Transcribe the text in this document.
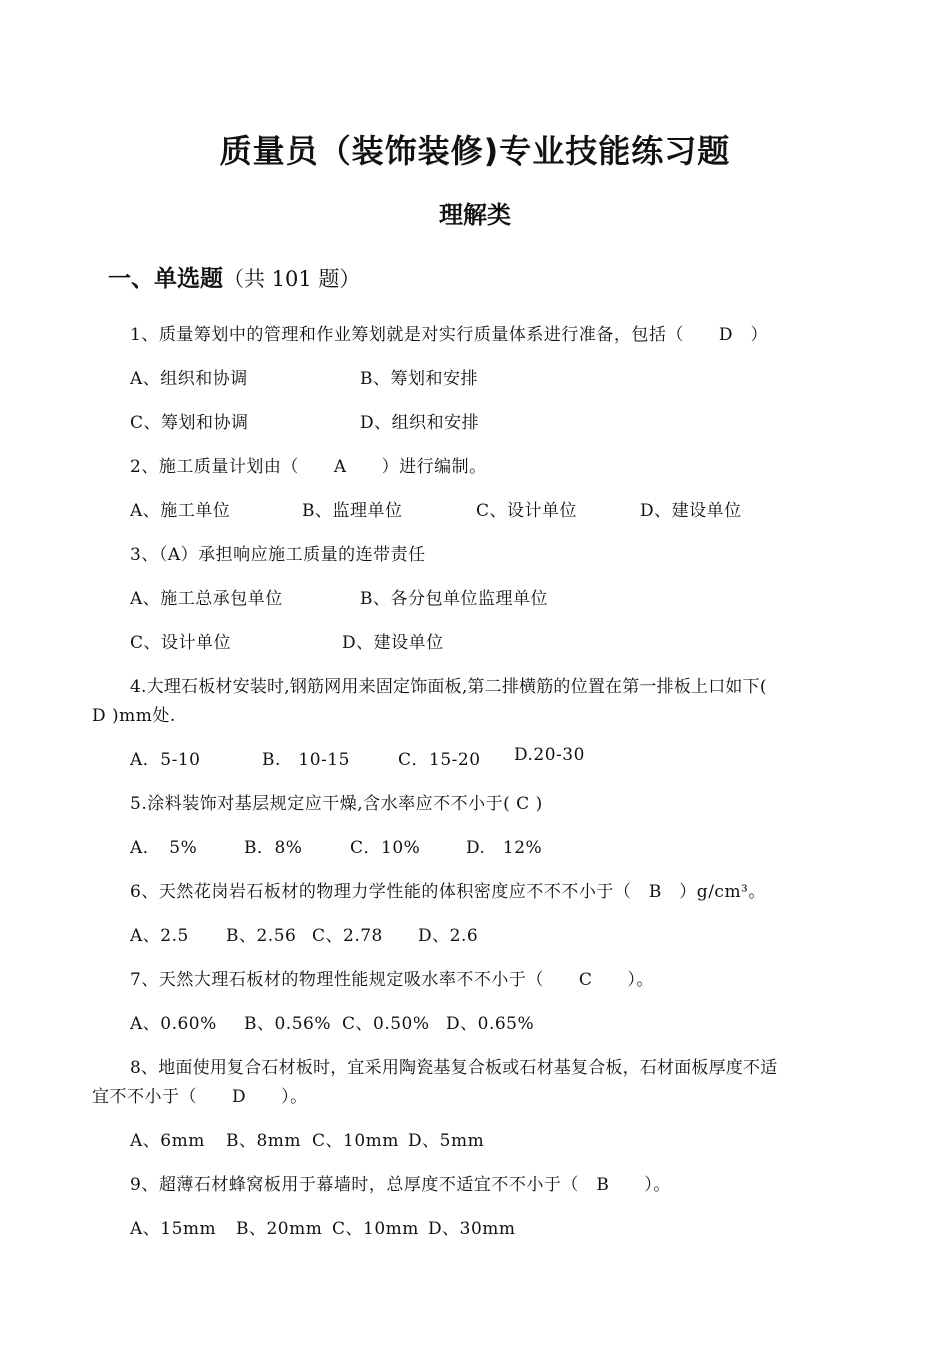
质量员（装饰装修)专业技能练习题
理解类
一、单选题（共 101 题）
1、质量筹划中的管理和作业筹划就是对实行质量体系进行准备，包括（　　D　）
A、组织和协调	B、筹划和安排
C、筹划和协调	D、组织和安排
2、施工质量计划由（　　A　　）进行编制。
A、施工单位	B、监理单位	C、设计单位	D、建设单位
3、（A）承担响应施工质量的连带责任
A、施工总承包单位	B、各分包单位监理单位
C、设计单位	D、建设单位
4.大理石板材安装时,钢筋网用来固定饰面板,第二排横筋的位置在第一排板上口如下(
D )mm处.
A．5-10	B.　10-15	C．15-20 D.20-30
5.涂料装饰对基层规定应干燥,含水率应不不小于( C )
A．　5%	B．8%	C．10%	D.　12%
6、天然花岗岩石板材的物理力学性能的体积密度应不不不小于（　B　）g/cm³。
A、2.5 B、2.56 C、2.78 D、2.6
7、天然大理石板材的物理性能规定吸水率不不小于（　　C　　）。
A、0.60% B、0.56% C、0.50% D、0.65%
8、地面使用复合石材板时，宜采用陶瓷基复合板或石材基复合板，石材面板厚度不适
宜不不小于（　　D　　）。
A、6mm B、8mm C、10mm D、5mm
9、超薄石材蜂窝板用于幕墙时，总厚度不适宜不不小于（　B　　）。
A、15mm B、20mm C、10mm D、30mm
